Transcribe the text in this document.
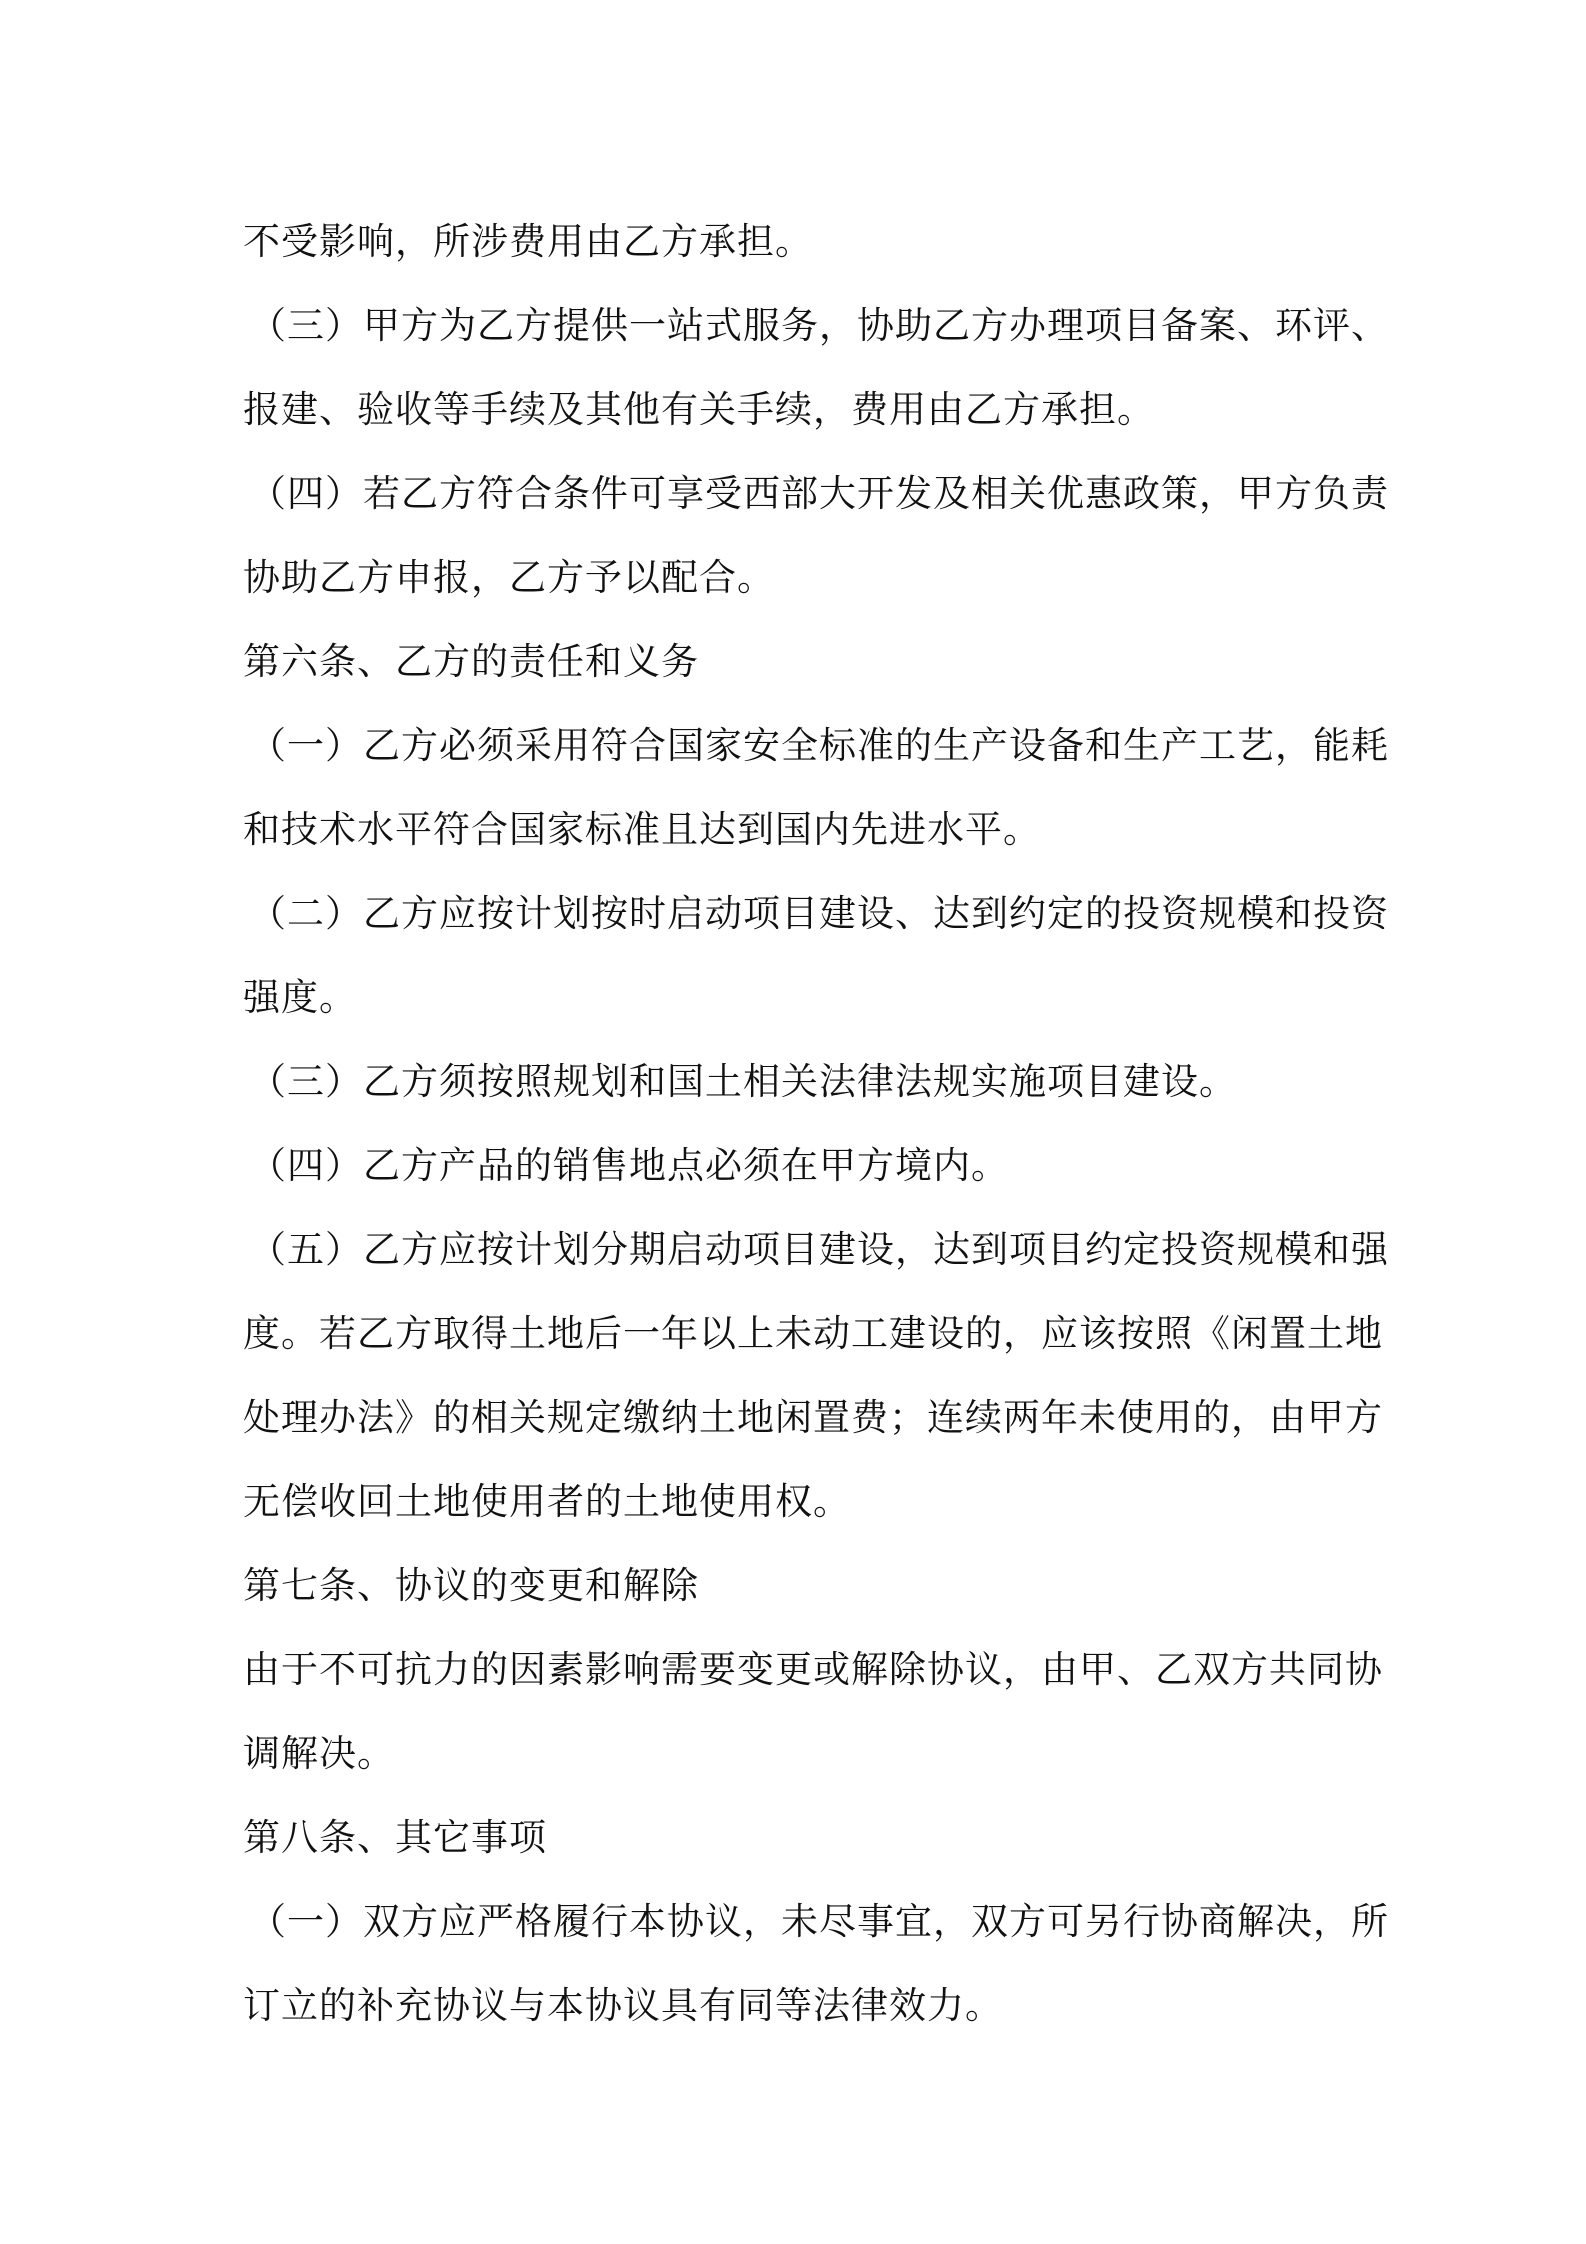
不受影响，所涉费用由乙方承担。
（三）甲方为乙方提供一站式服务，协助乙方办理项目备案、环评、
报建、验收等手续及其他有关手续，费用由乙方承担。
（四）若乙方符合条件可享受西部大开发及相关优惠政策，甲方负责
协助乙方申报，乙方予以配合。
第六条、乙方的责任和义务
（一）乙方必须采用符合国家安全标准的生产设备和生产工艺，能耗
和技术水平符合国家标准且达到国内先进水平。
（二）乙方应按计划按时启动项目建设、达到约定的投资规模和投资
强度。
（三）乙方须按照规划和国土相关法律法规实施项目建设。
（四）乙方产品的销售地点必须在甲方境内。
（五）乙方应按计划分期启动项目建设，达到项目约定投资规模和强
度。若乙方取得土地后一年以上未动工建设的，应该按照《闲置土地
处理办法》的相关规定缴纳土地闲置费；连续两年未使用的，由甲方
无偿收回土地使用者的土地使用权。
第七条、协议的变更和解除
由于不可抗力的因素影响需要变更或解除协议，由甲、乙双方共同协
调解决。
第八条、其它事项
（一）双方应严格履行本协议，未尽事宜，双方可另行协商解决，所
订立的补充协议与本协议具有同等法律效力。
